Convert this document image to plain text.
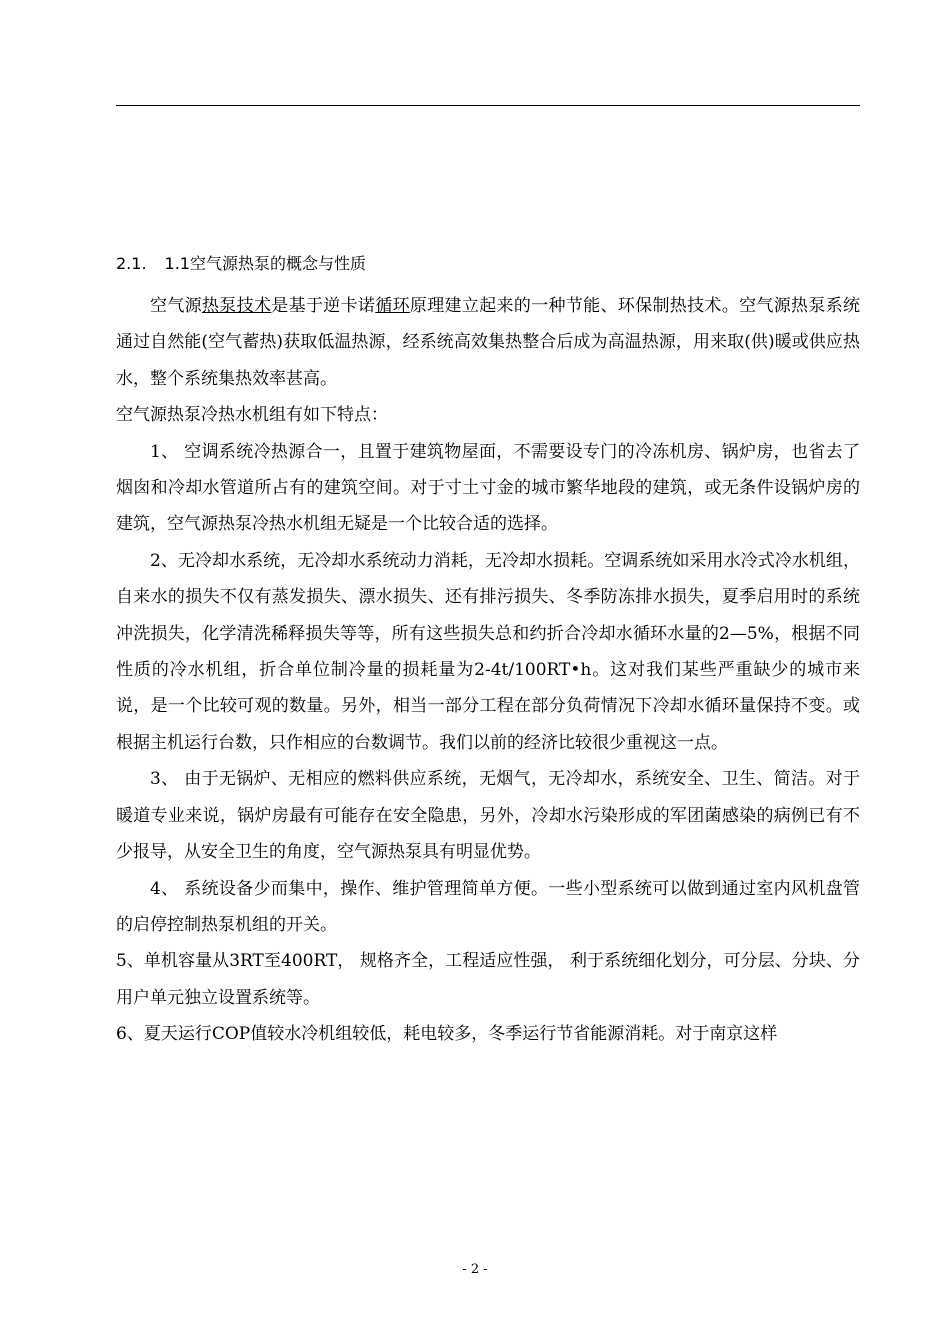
2.1. 1.1空气源热泵的概念与性质

空气源热泵技术是基于逆卡诺循环原理建立起来的一种节能、环保制热技术。空气源热泵系统通过自然能(空气蓄热)获取低温热源，经系统高效集热整合后成为高温热源，用来取(供)暖或供应热水，整个系统集热效率甚高。

空气源热泵冷热水机组有如下特点：

1、 空调系统冷热源合一，且置于建筑物屋面，不需要设专门的冷冻机房、锅炉房，也省去了烟囱和冷却水管道所占有的建筑空间。对于寸土寸金的城市繁华地段的建筑，或无条件设锅炉房的建筑，空气源热泵冷热水机组无疑是一个比较合适的选择。

2、无冷却水系统，无冷却水系统动力消耗，无冷却水损耗。空调系统如采用水冷式冷水机组，自来水的损失不仅有蒸发损失、漂水损失、还有排污损失、冬季防冻排水损失，夏季启用时的系统冲洗损失，化学清洗稀释损失等等，所有这些损失总和约折合冷却水循环水量的2—5%，根据不同性质的冷水机组，折合单位制冷量的损耗量为2-4t/100RT•h。这对我们某些严重缺少的城市来说，是一个比较可观的数量。另外，相当一部分工程在部分负荷情况下冷却水循环量保持不变。或根据主机运行台数，只作相应的台数调节。我们以前的经济比较很少重视这一点。

3、 由于无锅炉、无相应的燃料供应系统，无烟气，无冷却水，系统安全、卫生、简洁。对于暖道专业来说，锅炉房最有可能存在安全隐患，另外，冷却水污染形成的军团菌感染的病例已有不少报导，从安全卫生的角度，空气源热泵具有明显优势。

4、 系统设备少而集中，操作、维护管理简单方便。一些小型系统可以做到通过室内风机盘管的启停控制热泵机组的开关。

5、单机容量从3RT至400RT， 规格齐全，工程适应性强， 利于系统细化划分，可分层、分块、分用户单元独立设置系统等。

6、夏天运行COP值较水冷机组较低，耗电较多，冬季运行节省能源消耗。对于南京这样

- 2 -
